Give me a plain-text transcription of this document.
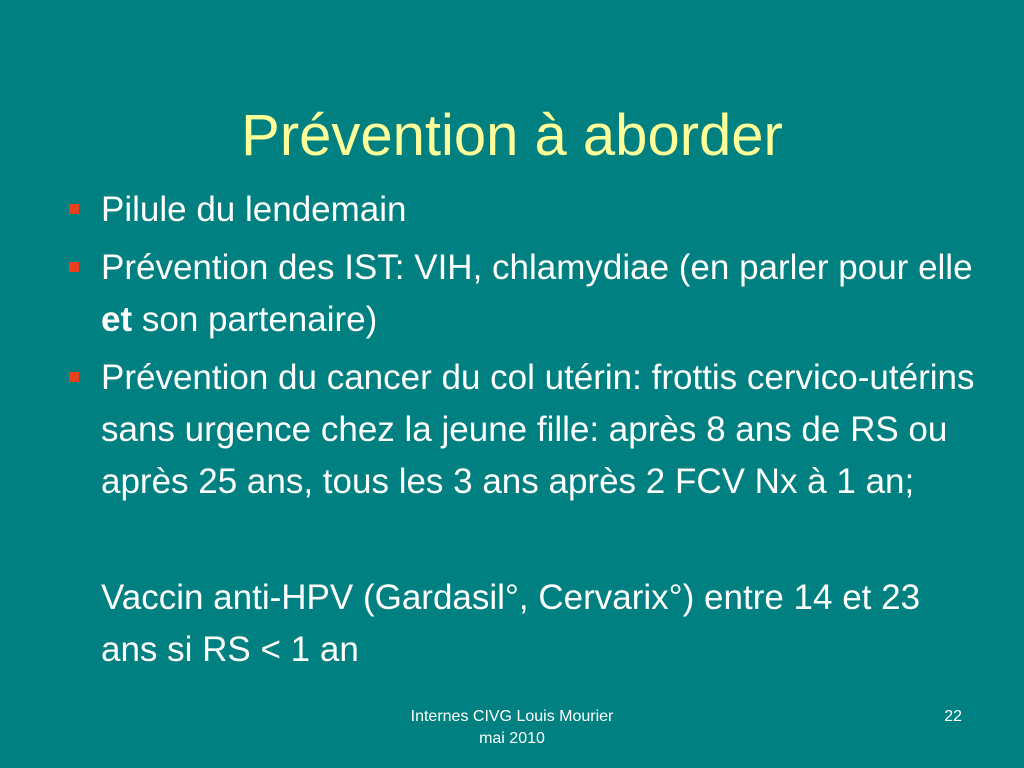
Prévention à aborder
Pilule du lendemain
Prévention des IST: VIH, chlamydiae (en parler pour elle et son partenaire)
Prévention du cancer du col utérin: frottis cervico-utérins sans urgence chez la jeune fille: après 8 ans de RS ou après 25 ans, tous les 3 ans après 2 FCV Nx à 1 an;
Vaccin anti-HPV (Gardasil°, Cervarix°) entre 14 et 23 ans si RS < 1 an
Internes CIVG Louis Mourier
mai 2010
22
